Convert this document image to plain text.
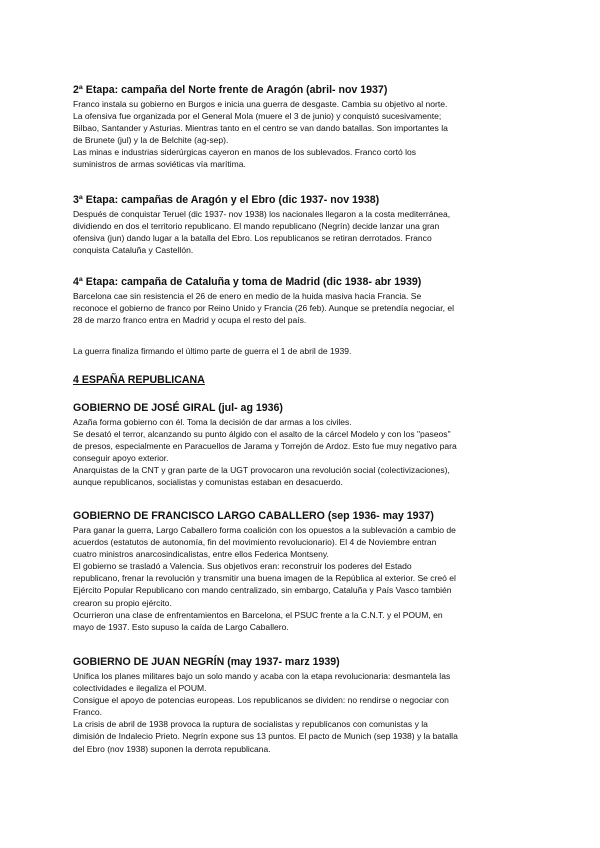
2ª Etapa: campaña del Norte frente de Aragón (abril- nov 1937)
Franco instala su gobierno en Burgos e inicia una guerra de desgaste. Cambia su objetivo al norte.
La ofensiva fue organizada por el General Mola (muere el 3 de junio) y conquistó sucesivamente;
Bilbao, Santander y Asturias. Mientras tanto en el centro se van dando batallas. Son importantes la
de Brunete (jul) y la de Belchite (ag-sep).
Las minas e industrias siderúrgicas cayeron en manos de los sublevados. Franco cortó los
suministros de armas soviéticas vía marítima.
3ª Etapa: campañas de Aragón y el Ebro (dic 1937- nov 1938)
Después de conquistar Teruel (dic 1937- nov 1938) los nacionales llegaron a la costa mediterránea,
dividiendo en dos el territorio republicano. El mando republicano (Negrín) decide lanzar una gran
ofensiva (jun) dando lugar a la batalla del Ebro. Los republicanos se retiran derrotados. Franco
conquista Cataluña y Castellón.
4ª Etapa: campaña de Cataluña y toma de Madrid (dic 1938- abr 1939)
Barcelona cae sin resistencia el 26 de enero en medio de la huida masiva hacia Francia. Se
reconoce el gobierno de franco por Reino Unido y Francia (26 feb). Aunque se pretendía negociar, el
28 de marzo franco entra en Madrid y ocupa el resto del país.
La guerra finaliza firmando el último parte de guerra el 1 de abril de 1939.
4 ESPAÑA REPUBLICANA
GOBIERNO DE JOSÉ GIRAL (jul- ag 1936)
Azaña forma gobierno con él. Toma la decisión de dar armas a los civiles.
Se desató el terror, alcanzando su punto álgido con el asalto de la cárcel Modelo y con los "paseos"
de presos, especialmente en Paracuellos de Jarama y Torrejón de Ardoz. Esto fue muy negativo para
conseguir apoyo exterior.
Anarquistas de la CNT y gran parte de la UGT provocaron una revolución social (colectivizaciones),
aunque republicanos, socialistas y comunistas estaban en desacuerdo.
GOBIERNO DE FRANCISCO LARGO CABALLERO (sep 1936- may 1937)
Para ganar la guerra, Largo Caballero forma coalición con los opuestos a la sublevación a cambio de
acuerdos (estatutos de autonomía, fin del movimiento revolucionario). El 4 de Noviembre entran
cuatro ministros anarcosindicalistas, entre ellos Federica Montseny.
El gobierno se trasladó a Valencia. Sus objetivos eran: reconstruir los poderes del Estado
republicano, frenar la revolución y transmitir una buena imagen de la República al exterior. Se creó el
Ejército Popular Republicano con mando centralizado, sin embargo, Cataluña y País Vasco también
crearon su propio ejército.
Ocurrieron una clase de enfrentamientos en Barcelona, el PSUC frente a la C.N.T. y el POUM, en
mayo de 1937. Esto supuso la caída de Largo Caballero.
GOBIERNO DE JUAN NEGRÍN (may 1937- marz 1939)
Unifica los planes militares bajo un solo mando y acaba con la etapa revolucionaria: desmantela las
colectividades e ilegaliza el POUM.
Consigue el apoyo de potencias europeas. Los republicanos se dividen: no rendirse o negociar con
Franco.
La crisis de abril de 1938 provoca la ruptura de socialistas y republicanos con comunistas y la
dimisión de Indalecio Prieto. Negrín expone sus 13 puntos. El pacto de Munich (sep 1938) y la batalla
del Ebro (nov 1938) suponen la derrota republicana.
